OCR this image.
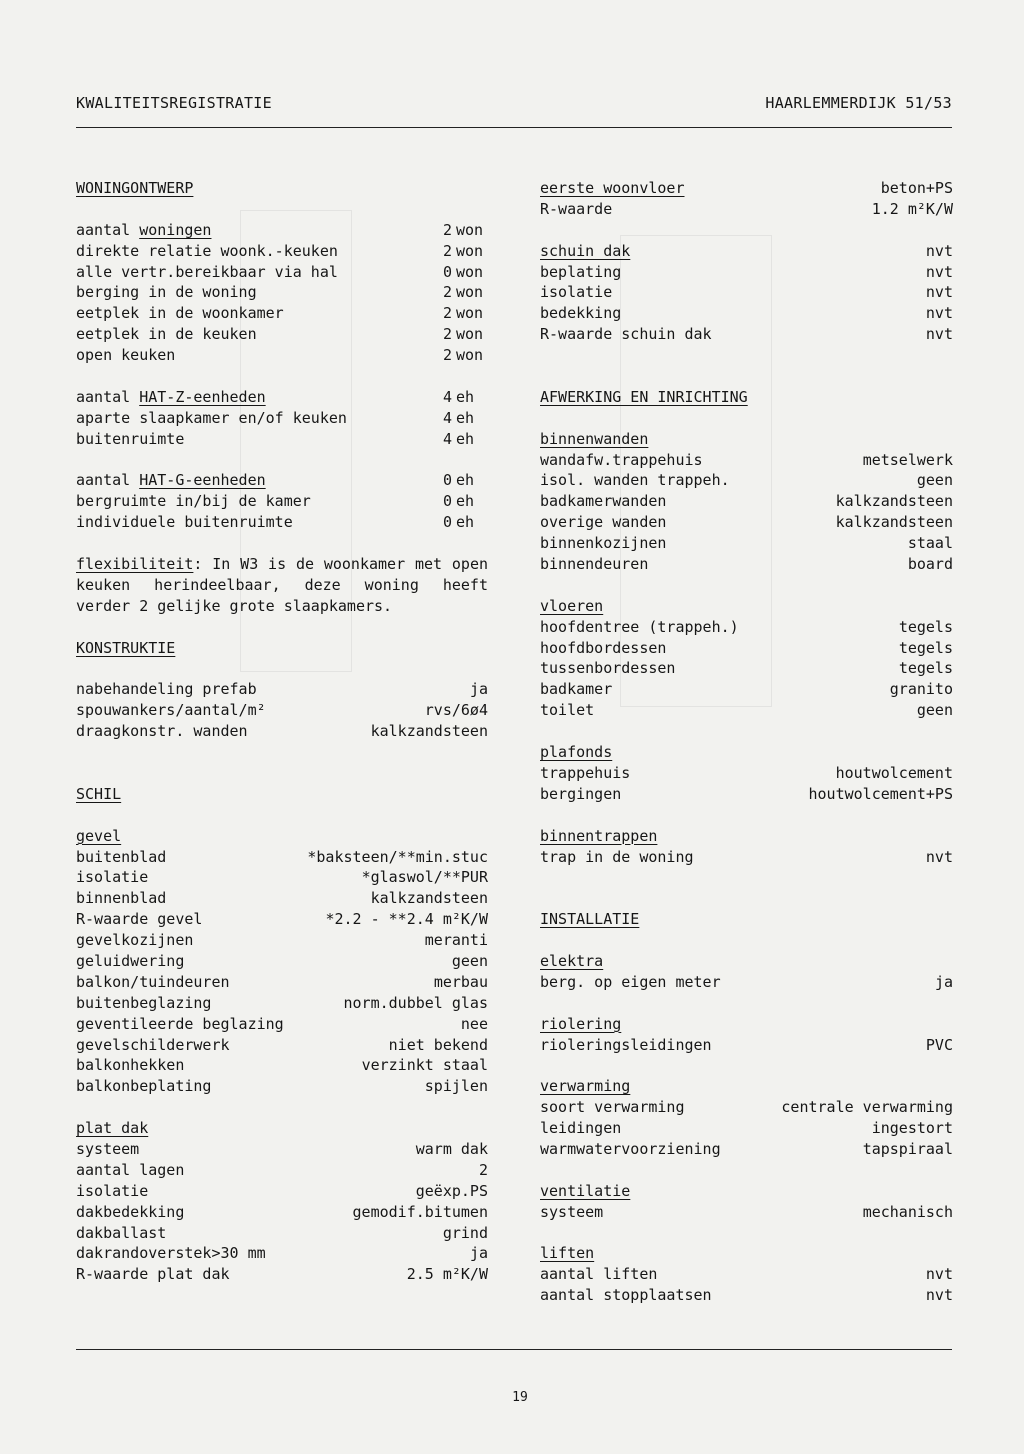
KWALITEITSREGISTRATIE	HAARLEMMERDIJK 51/53
WONINGONTWERP
aantal woningen	2 won
direkte relatie woonk.-keuken	2 won
alle vertr.bereikbaar via hal	0 won
berging in de woning	2 won
eetplek in de woonkamer	2 won
eetplek in de keuken	2 won
open keuken	2 won
aantal HAT-Z-eenheden	4 eh
aparte slaapkamer en/of keuken	4 eh
buitenruimte	4 eh
aantal HAT-G-eenheden	0 eh
bergruimte in/bij de kamer	0 eh
individuele buitenruimte	0 eh

flexibiliteit: In W3 is de woonkamer met open keuken herindeelbaar, deze woning heeft verder 2 gelijke grote slaapkamers.

KONSTRUKTIE
nabehandeling prefab	ja
spouwankers/aantal/m²	rvs/6ø4
draagkonstr. wanden	kalkzandsteen
SCHIL
gevel
buitenblad	*baksteen/**min.stuc
isolatie	*glaswol/**PUR
binnenblad	kalkzandsteen
R-waarde gevel	*2.2 - **2.4 m²K/W
gevelkozijnen	meranti
geluidwering	geen
balkon/tuindeuren	merbau
buitenbeglazing	norm.dubbel glas
geventileerde beglazing	nee
gevelschilderwerk	niet bekend
balkonhekken	verzinkt staal
balkonbeplating	spijlen
plat dak
systeem	warm dak
aantal lagen	2
isolatie	geëxp.PS
dakbedekking	gemodif.bitumen
dakballast	grind
dakrandoverstek>30 mm	ja
R-waarde plat dak	2.5 m²K/W
eerste woonvloer	beton+PS
R-waarde	1.2 m²K/W
schuin dak	nvt
beplating	nvt
isolatie	nvt
bedekking	nvt
R-waarde schuin dak	nvt
AFWERKING EN INRICHTING
binnenwanden
wandafw.trappehuis	metselwerk
isol. wanden trappeh.	geen
badkamerwanden	kalkzandsteen
overige wanden	kalkzandsteen
binnenkozijnen	staal
binnendeuren	board
vloeren
hoofdentree (trappeh.)	tegels
hoofdbordessen	tegels
tussenbordessen	tegels
badkamer	granito
toilet	geen
plafonds
trappehuis	houtwolcement
bergingen	houtwolcement+PS
binnentrappen
trap in de woning	nvt
INSTALLATIE
elektra
berg. op eigen meter	ja
riolering
rioleringsleidingen	PVC
verwarming
soort verwarming	centrale verwarming
leidingen	ingestort
warmwatervoorziening	tapspiraal
ventilatie
systeem	mechanisch
liften
aantal liften	nvt
aantal stopplaatsen	nvt
19
